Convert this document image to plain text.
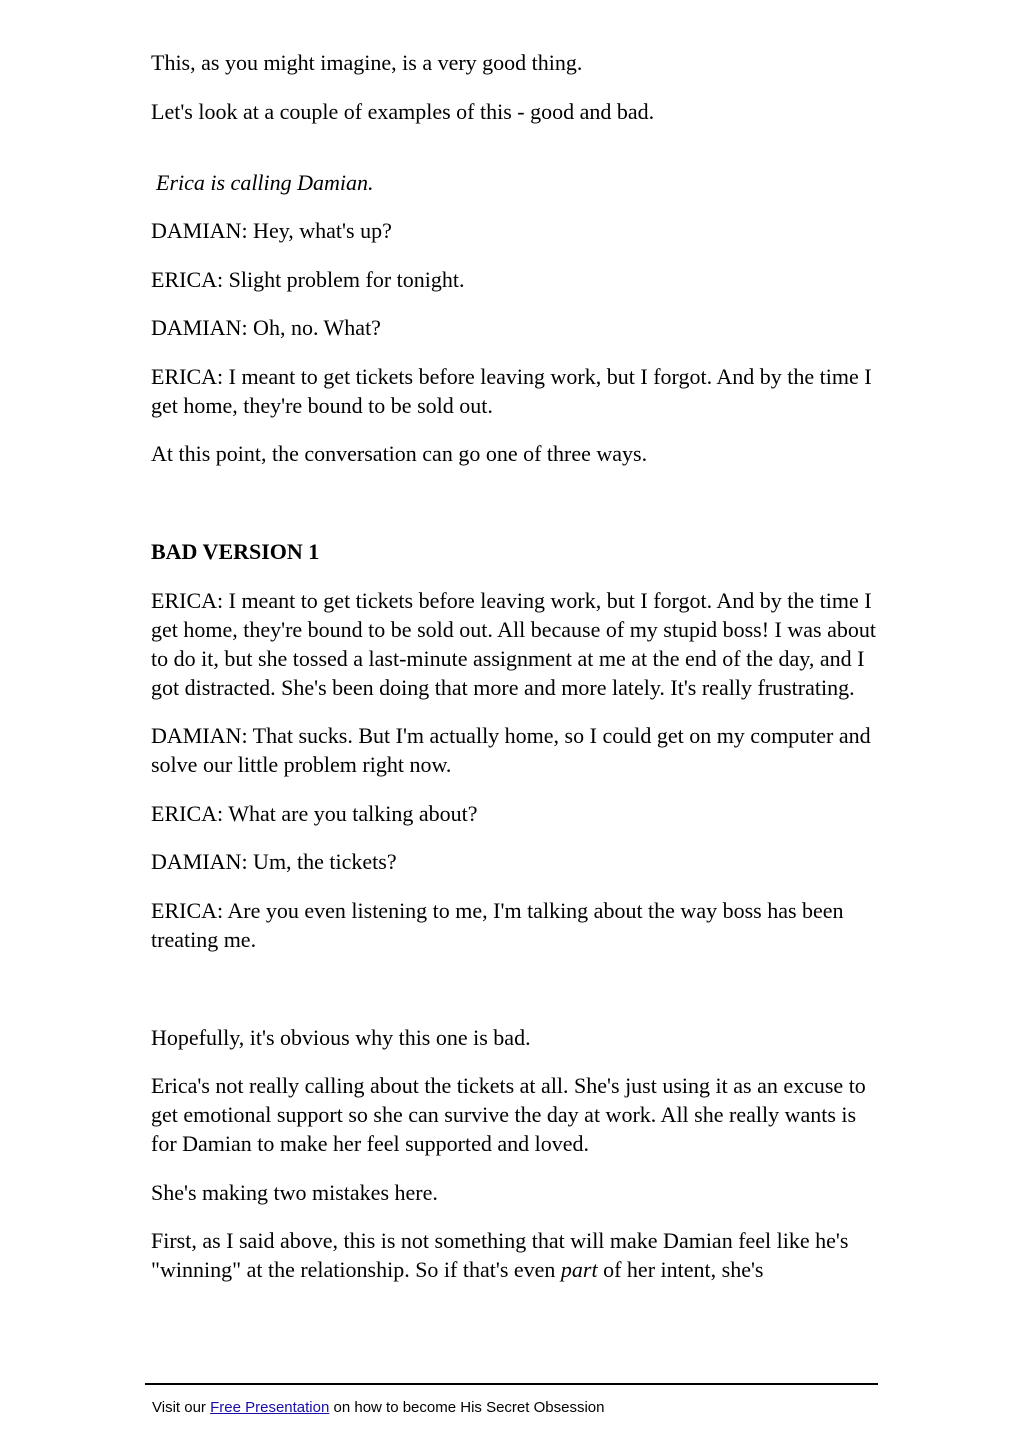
This, as you might imagine, is a very good thing.

Let's look at a couple of examples of this - good and bad.

Erica is calling Damian.

DAMIAN: Hey, what's up?

ERICA: Slight problem for tonight.

DAMIAN: Oh, no. What?

ERICA: I meant to get tickets before leaving work, but I forgot. And by the time I get home, they're bound to be sold out.

At this point, the conversation can go one of three ways.

BAD VERSION 1

ERICA: I meant to get tickets before leaving work, but I forgot. And by the time I get home, they're bound to be sold out. All because of my stupid boss! I was about to do it, but she tossed a last-minute assignment at me at the end of the day, and I got distracted. She's been doing that more and more lately. It's really frustrating.

DAMIAN: That sucks. But I'm actually home, so I could get on my computer and solve our little problem right now.

ERICA: What are you talking about?

DAMIAN: Um, the tickets?

ERICA: Are you even listening to me, I'm talking about the way boss has been treating me.

Hopefully, it's obvious why this one is bad.

Erica's not really calling about the tickets at all. She's just using it as an excuse to get emotional support so she can survive the day at work. All she really wants is for Damian to make her feel supported and loved.

She's making two mistakes here.

First, as I said above, this is not something that will make Damian feel like he's "winning" at the relationship. So if that's even part of her intent, she's

Visit our Free Presentation on how to become His Secret Obsession
